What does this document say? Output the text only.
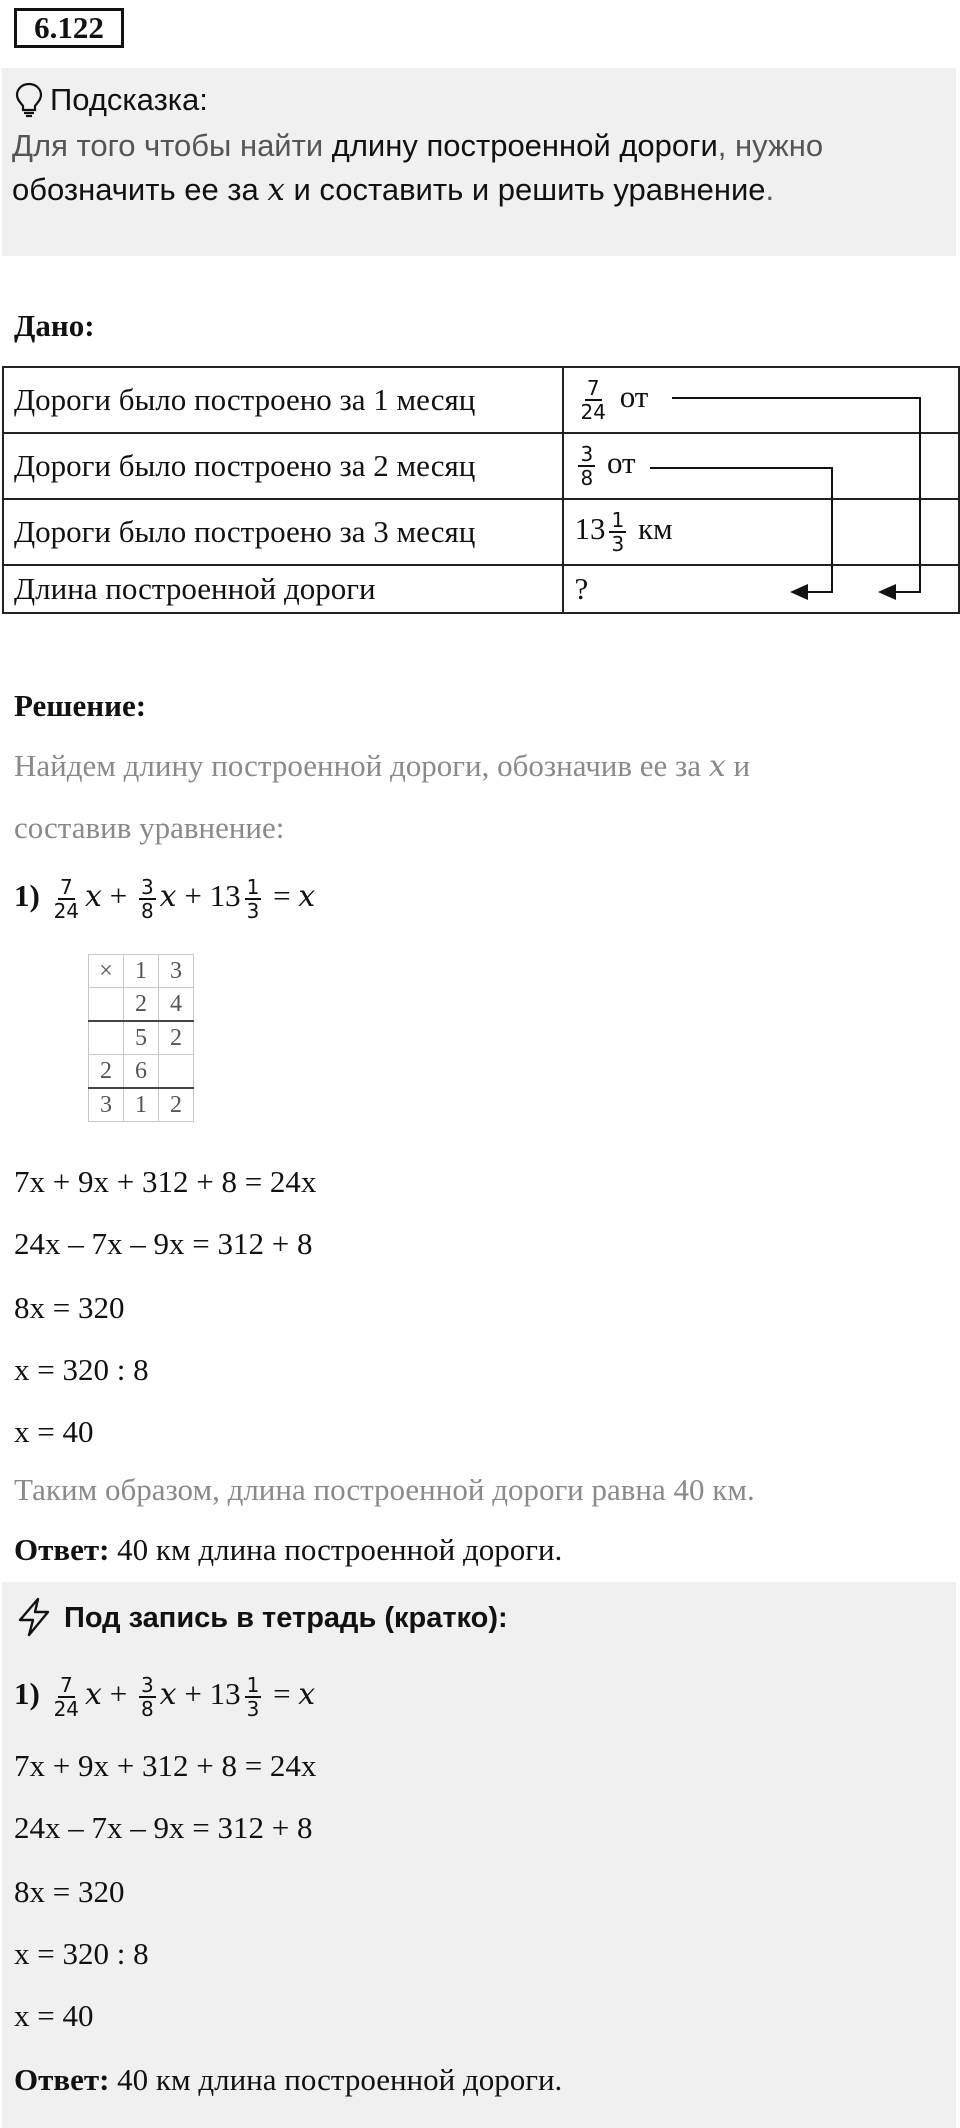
6.122
Подсказка:
Для того чтобы найти длину построенной дороги, нужно
обозначить ее за x и составить и решить уравнение.
Дано:
Дороги было построено за 1 месяц	$\frac{7}{24}$ от
Дороги было построено за 2 месяц	$\frac{3}{8}$ от
Дороги было построено за 3 месяц	$13 \frac{1}{3}$ км
Длина построенной дороги	?
Решение:
Найдем длину построенной дороги, обозначив ее за x и
составив уравнение:
$1) \frac{7}{24}$ $x + \frac{3}{8}$ $x + 13 \frac{1}{3} = x$
×	1	3
	2	4
	5	2
2	6	
3	1	2
7x + 9x + 312 + 8 = 24x
24x – 7x – 9x = 312 + 8
8x = 320
x = 320 : 8
x = 40
Таким образом, длина построенной дороги равна 40 км.
Ответ: 40 км длина построенной дороги.
Под запись в тетрадь (кратко):
$1) \frac{7}{24}$ $x + \frac{3}{8}$ $x + 13 \frac{1}{3} = x$
7x + 9x + 312 + 8 = 24x
24x – 7x – 9x = 312 + 8
8x = 320
x = 320 : 8
x = 40
Ответ: 40 км длина построенной дороги.
